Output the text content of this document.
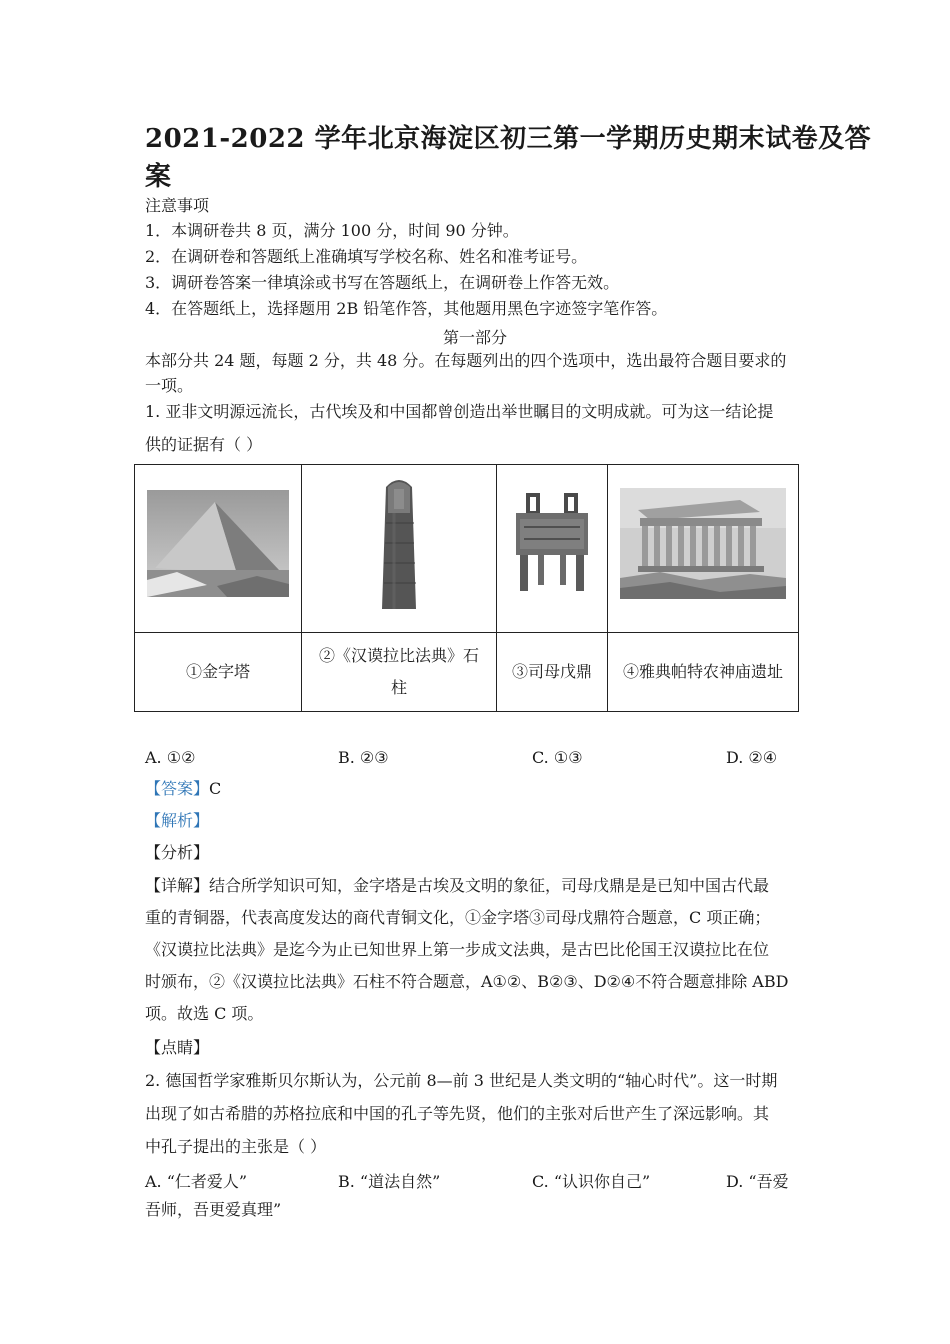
2021-2022 学年北京海淀区初三第一学期历史期末试卷及答
案
注意事项
1．本调研卷共 8 页，满分 100 分，时间 90 分钟。
2．在调研卷和答题纸上准确填写学校名称、姓名和准考证号。
3．调研卷答案一律填涂或书写在答题纸上，在调研卷上作答无效。
4．在答题纸上，选择题用 2B 铅笔作答，其他题用黑色字迹签字笔作答。
第一部分
本部分共 24 题，每题 2 分，共 48 分。在每题列出的四个选项中，选出最符合题目要求的
一项。
1. 亚非文明源远流长，古代埃及和中国都曾创造出举世瞩目的文明成就。可为这一结论提
供的证据有（ ）

①金字塔	②《汉谟拉比法典》石
柱	③司母戊鼎	④雅典帕特农神庙遗址
A. ①②	B. ②③	C. ①③	D. ②④
【答案】C
【解析】
【分析】
【详解】结合所学知识可知，金字塔是古埃及文明的象征，司母戊鼎是是已知中国古代最
重的青铜器，代表高度发达的商代青铜文化，①金字塔③司母戊鼎符合题意，C 项正确；
《汉谟拉比法典》是迄今为止已知世界上第一步成文法典，是古巴比伦国王汉谟拉比在位
时颁布，②《汉谟拉比法典》石柱不符合题意，A①②、B②③、D②④不符合题意排除 ABD
项。故选 C 项。
【点睛】
2. 德国哲学家雅斯贝尔斯认为，公元前 8—前 3 世纪是人类文明的“轴心时代”。这一时期
出现了如古希腊的苏格拉底和中国的孔子等先贤，他们的主张对后世产生了深远影响。其
中孔子提出的主张是（ ）
A. “仁者爱人”	B. “道法自然”	C. “认识你自己”	D. “吾爱
吾师，吾更爱真理”
